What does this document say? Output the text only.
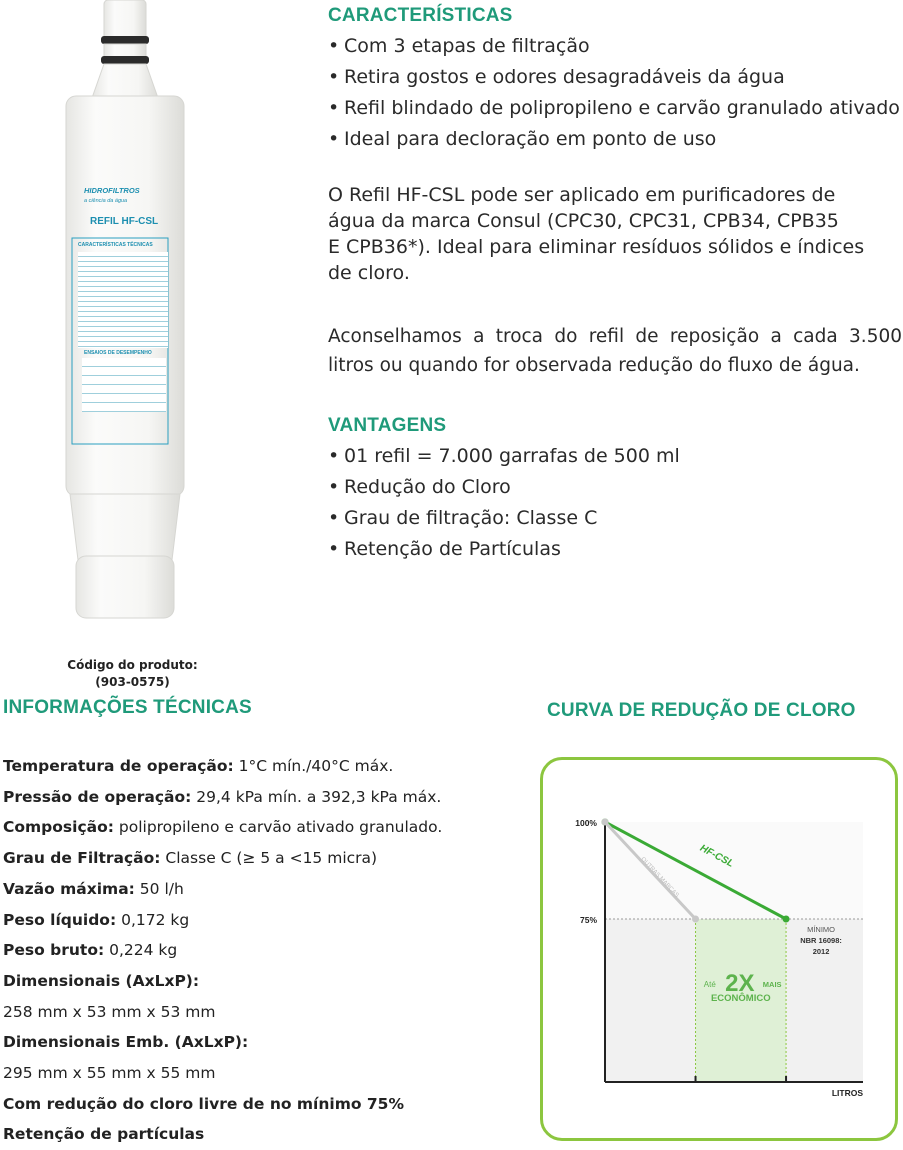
HIDROFILTROS
a ciência da água
REFIL HF-CSL
CARACTERÍSTICAS TÉCNICAS
ENSAIOS DE DESEMPENHO
Código do produto:
(903-0575)
CARACTERÍSTICAS
• Com 3 etapas de filtração
• Retira gostos e odores desagradáveis da água
• Refil blindado de polipropileno e carvão granulado ativado
• Ideal para decloração em ponto de uso

O Refil HF-CSL pode ser aplicado em purificadores de

água da marca Consul (CPC30, CPC31, CPB34, CPB35

E CPB36*). Ideal para eliminar resíduos sólidos e índices

de cloro.

Aconselhamos a troca do refil de reposição a cada 3.500

litros ou quando for observada redução do fluxo de água.

VANTAGENS
• 01 refil = 7.000 garrafas de 500 ml
• Redução do Cloro
• Grau de filtração: Classe C
• Retenção de Partículas
INFORMAÇÕES TÉCNICAS
Temperatura de operação: 1°C mín./40°C máx.
Pressão de operação: 29,4 kPa mín. a 392,3 kPa máx.
Composição: polipropileno e carvão ativado granulado.
Grau de Filtração: Classe C (≥ 5 a <15 micra)
Vazão máxima: 50 l/h
Peso líquido: 0,172 kg
Peso bruto: 0,224 kg
Dimensionais (AxLxP):
258 mm x 53 mm x 53 mm
Dimensionais Emb. (AxLxP):
295 mm x 55 mm x 55 mm
Com redução do cloro livre de no mínimo 75%
Retenção de partículas
CURVA DE REDUÇÃO DE CLORO
100%
75%
LITROS
HF-CSL
OUTRAS MARCAS
MÍNIMO
NBR 16098:
2012
Até 2X MAIS
ECONÔMICO
